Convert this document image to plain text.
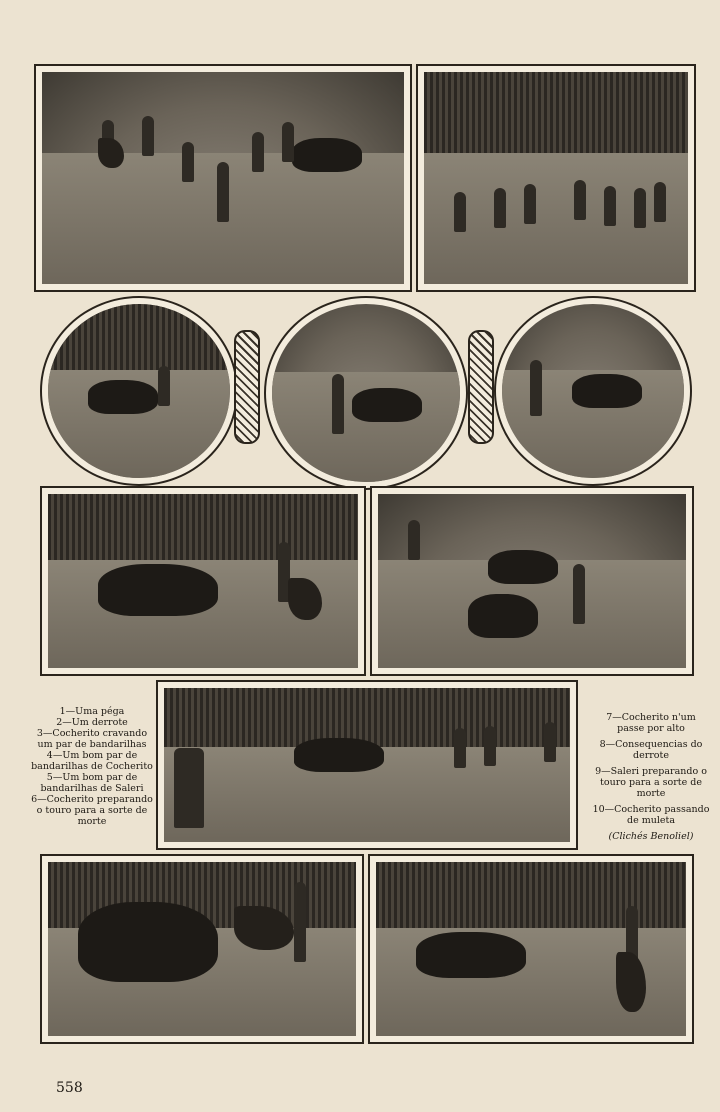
1—Uma péga

2—Um derrote

3—Cocherito cravando um par de bandarilhas

4—Um bom par de bandarilhas de Cocherito

5—Um bom par de bandarilhas de Saleri

6—Cocherito preparando o touro para a sorte de morte

7—Cocherito n'um passe por alto

8—Consequencias do derrote

9—Saleri preparando o touro para a sorte de morte

10—Cocherito passando de muleta

(Clichés Benoliel)

558
